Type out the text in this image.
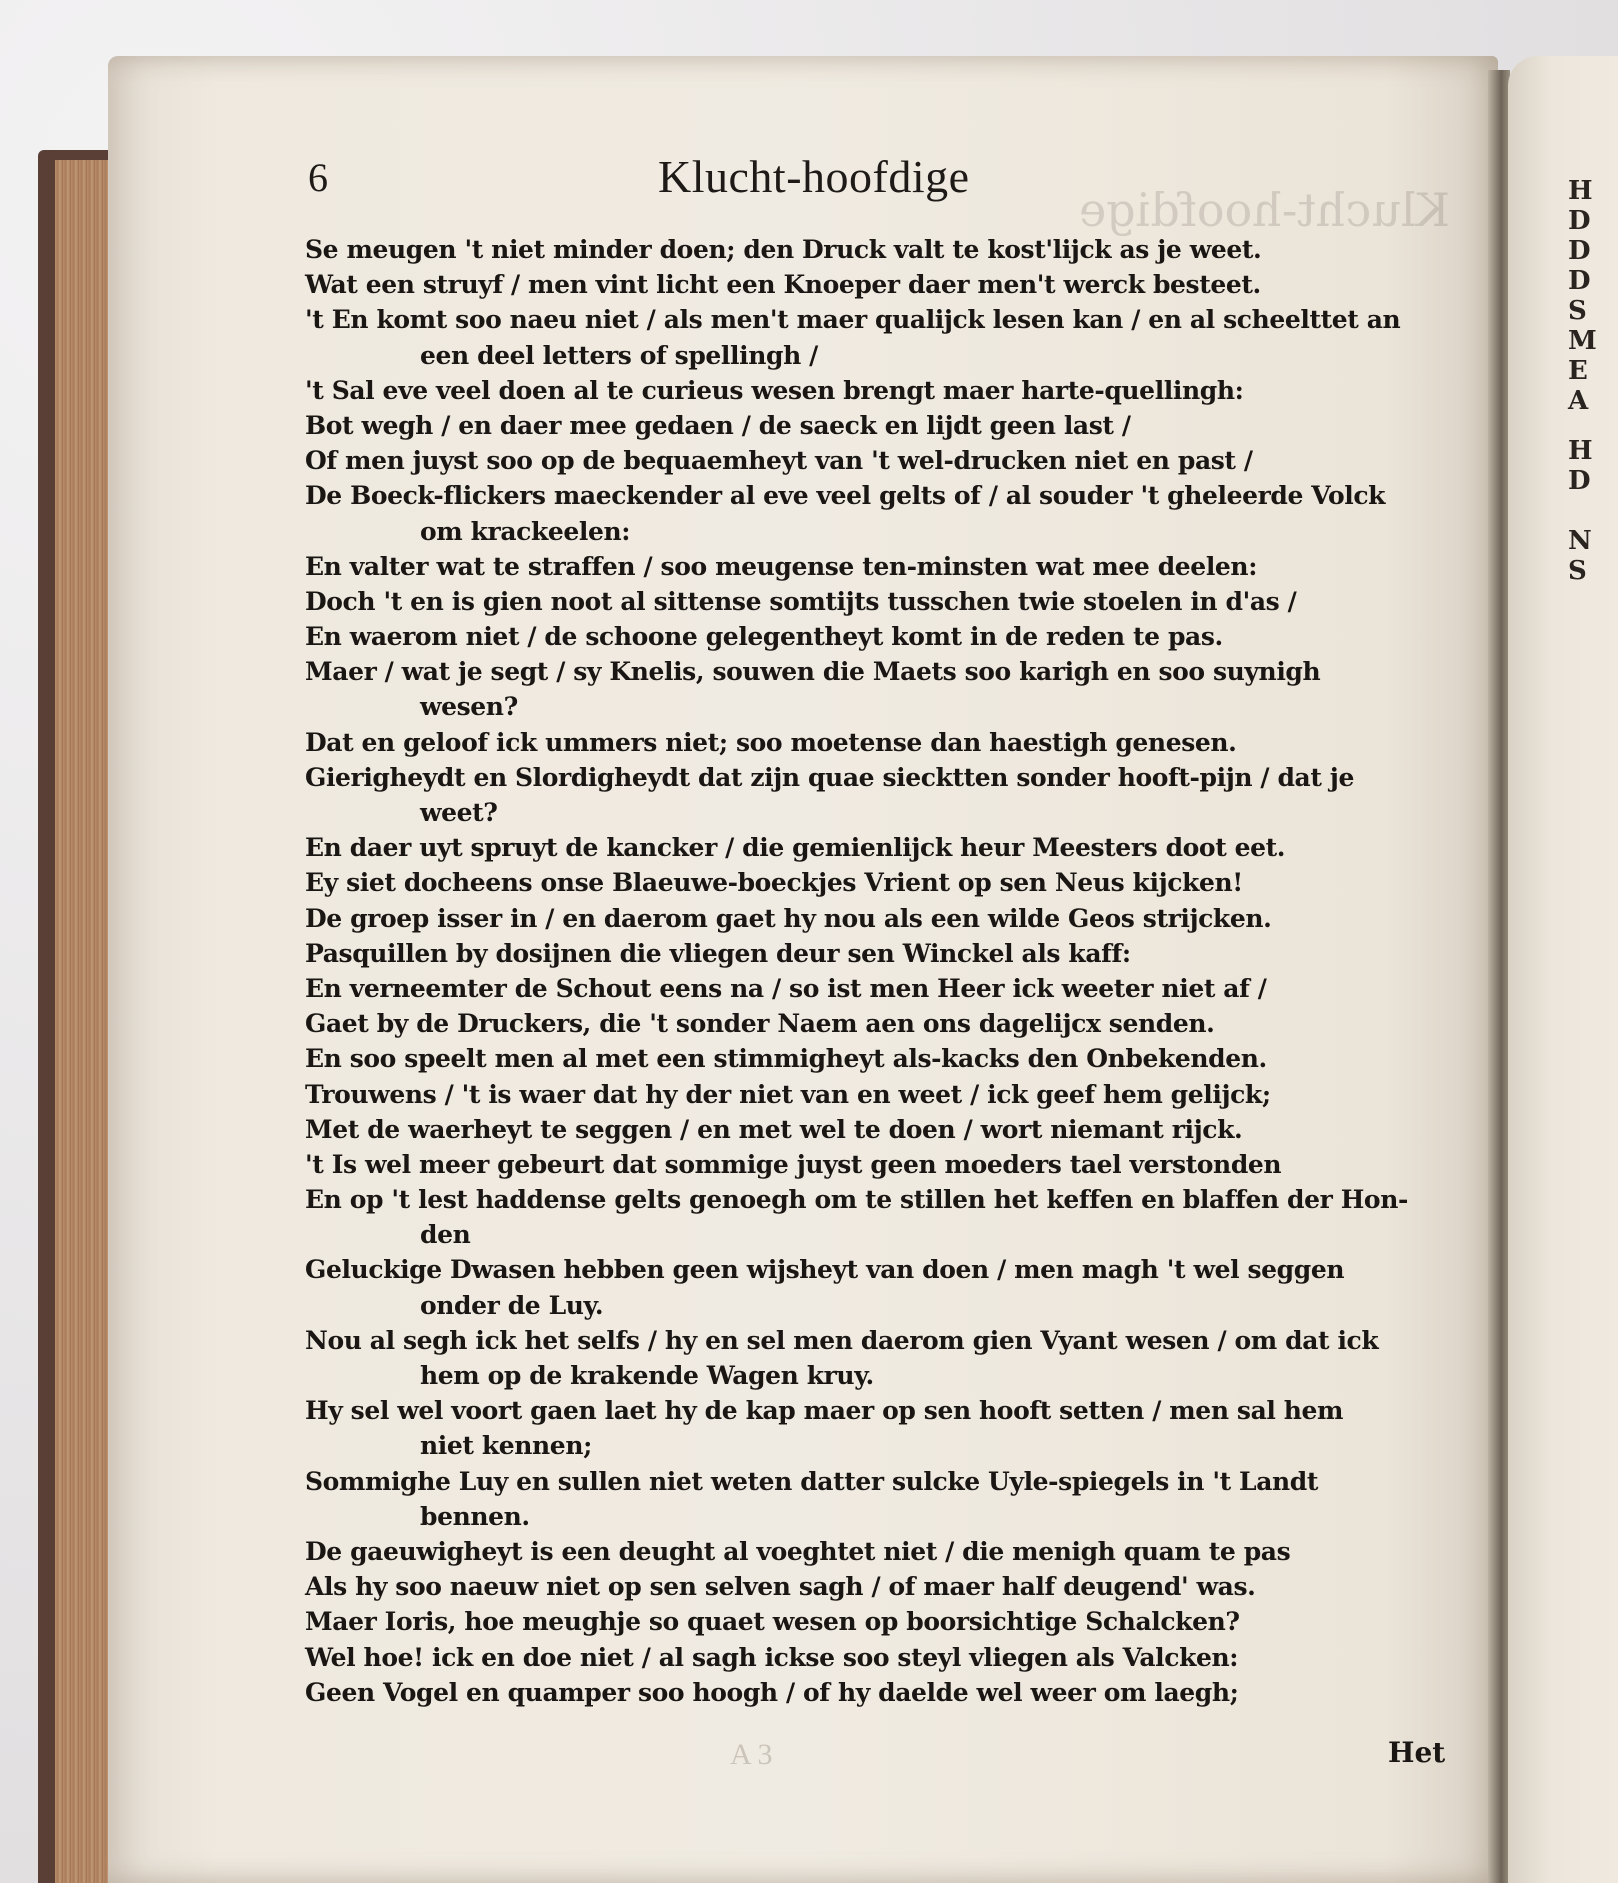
H
D
D
D
S
M
E
A
H
D
N
S
6	Klucht-hoofdige
Se meugen 't niet minder doen; den Druck valt te kost'lijck as je weet.
Wat een struyf / men vint licht een Knoeper daer men't werck besteet.
't En komt soo naeu niet / als men't maer qualijck lesen kan / en al scheelttet an
een deel letters of spellingh /
't Sal eve veel doen al te curieus wesen brengt maer harte-quellingh:
Bot wegh / en daer mee gedaen / de saeck en lijdt geen last /
Of men juyst soo op de bequaemheyt van 't wel-drucken niet en past /
De Boeck-flickers maeckender al eve veel gelts of / al souder 't gheleerde Volck
om krackeelen:
En valter wat te straffen / soo meugense ten-minsten wat mee deelen:
Doch 't en is gien noot al sittense somtijts tusschen twie stoelen in d'as /
En waerom niet / de schoone gelegentheyt komt in de reden te pas.
Maer / wat je segt / sy Knelis, souwen die Maets soo karigh en soo suynigh
wesen?
Dat en geloof ick ummers niet; soo moetense dan haestigh genesen.
Gierigheydt en Slordigheydt dat zijn quae siecktten sonder hooft-pijn / dat je
weet?
En daer uyt spruyt de kancker / die gemienlijck heur Meesters doot eet.
Ey siet docheens onse Blaeuwe-boeckjes Vrient op sen Neus kijcken!
De groep isser in / en daerom gaet hy nou als een wilde Geos strijcken.
Pasquillen by dosijnen die vliegen deur sen Winckel als kaff:
En verneemter de Schout eens na / so ist men Heer ick weeter niet af /
Gaet by de Druckers, die 't sonder Naem aen ons dagelijcx senden.
En soo speelt men al met een stimmigheyt als-kacks den Onbekenden.
Trouwens / 't is waer dat hy der niet van en weet / ick geef hem gelijck;
Met de waerheyt te seggen / en met wel te doen / wort niemant rijck.
't Is wel meer gebeurt dat sommige juyst geen moeders tael verstonden
En op 't lest haddense gelts genoegh om te stillen het keffen en blaffen der Hon-
den
Geluckige Dwasen hebben geen wijsheyt van doen / men magh 't wel seggen
onder de Luy.
Nou al segh ick het selfs / hy en sel men daerom gien Vyant wesen / om dat ick
hem op de krakende Wagen kruy.
Hy sel wel voort gaen laet hy de kap maer op sen hooft setten / men sal hem
niet kennen;
Sommighe Luy en sullen niet weten datter sulcke Uyle-spiegels in 't Landt
bennen.
De gaeuwigheyt is een deught al voeghtet niet / die menigh quam te pas
Als hy soo naeuw niet op sen selven sagh / of maer half deugend' was.
Maer Ioris, hoe meughje so quaet wesen op boorsichtige Schalcken?
Wel hoe! ick en doe niet / al sagh ickse soo steyl vliegen als Valcken:
Geen Vogel en quamper soo hoogh / of hy daelde wel weer om laegh;
A 3	Het
